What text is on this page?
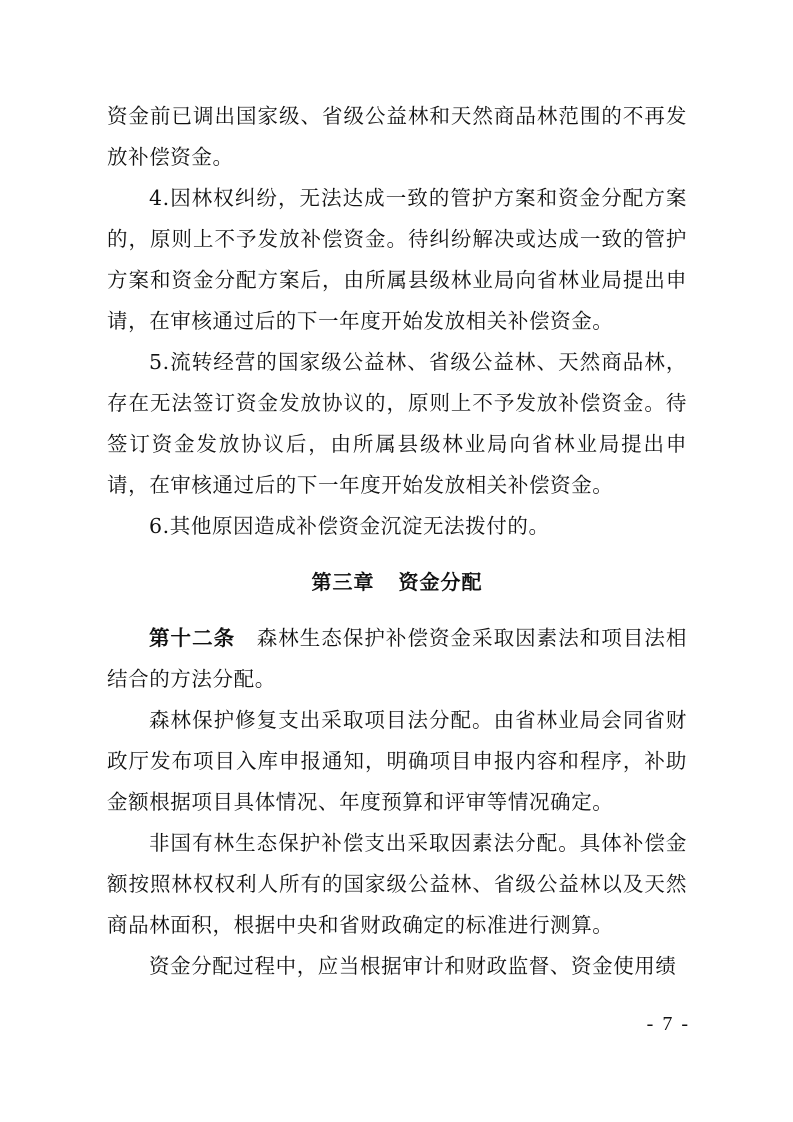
资金前已调出国家级、省级公益林和天然商品林范围的不再发放补偿资金。

4.因林权纠纷，无法达成一致的管护方案和资金分配方案的，原则上不予发放补偿资金。待纠纷解决或达成一致的管护方案和资金分配方案后，由所属县级林业局向省林业局提出申请，在审核通过后的下一年度开始发放相关补偿资金。

5.流转经营的国家级公益林、省级公益林、天然商品林，存在无法签订资金发放协议的，原则上不予发放补偿资金。待签订资金发放协议后，由所属县级林业局向省林业局提出申请，在审核通过后的下一年度开始发放相关补偿资金。

6.其他原因造成补偿资金沉淀无法拨付的。

第三章 资金分配

第十二条  森林生态保护补偿资金采取因素法和项目法相结合的方法分配。

森林保护修复支出采取项目法分配。由省林业局会同省财政厅发布项目入库申报通知，明确项目申报内容和程序，补助金额根据项目具体情况、年度预算和评审等情况确定。

非国有林生态保护补偿支出采取因素法分配。具体补偿金额按照林权权利人所有的国家级公益林、省级公益林以及天然商品林面积，根据中央和省财政确定的标准进行测算。

资金分配过程中，应当根据审计和财政监督、资金使用绩

- 7 -
